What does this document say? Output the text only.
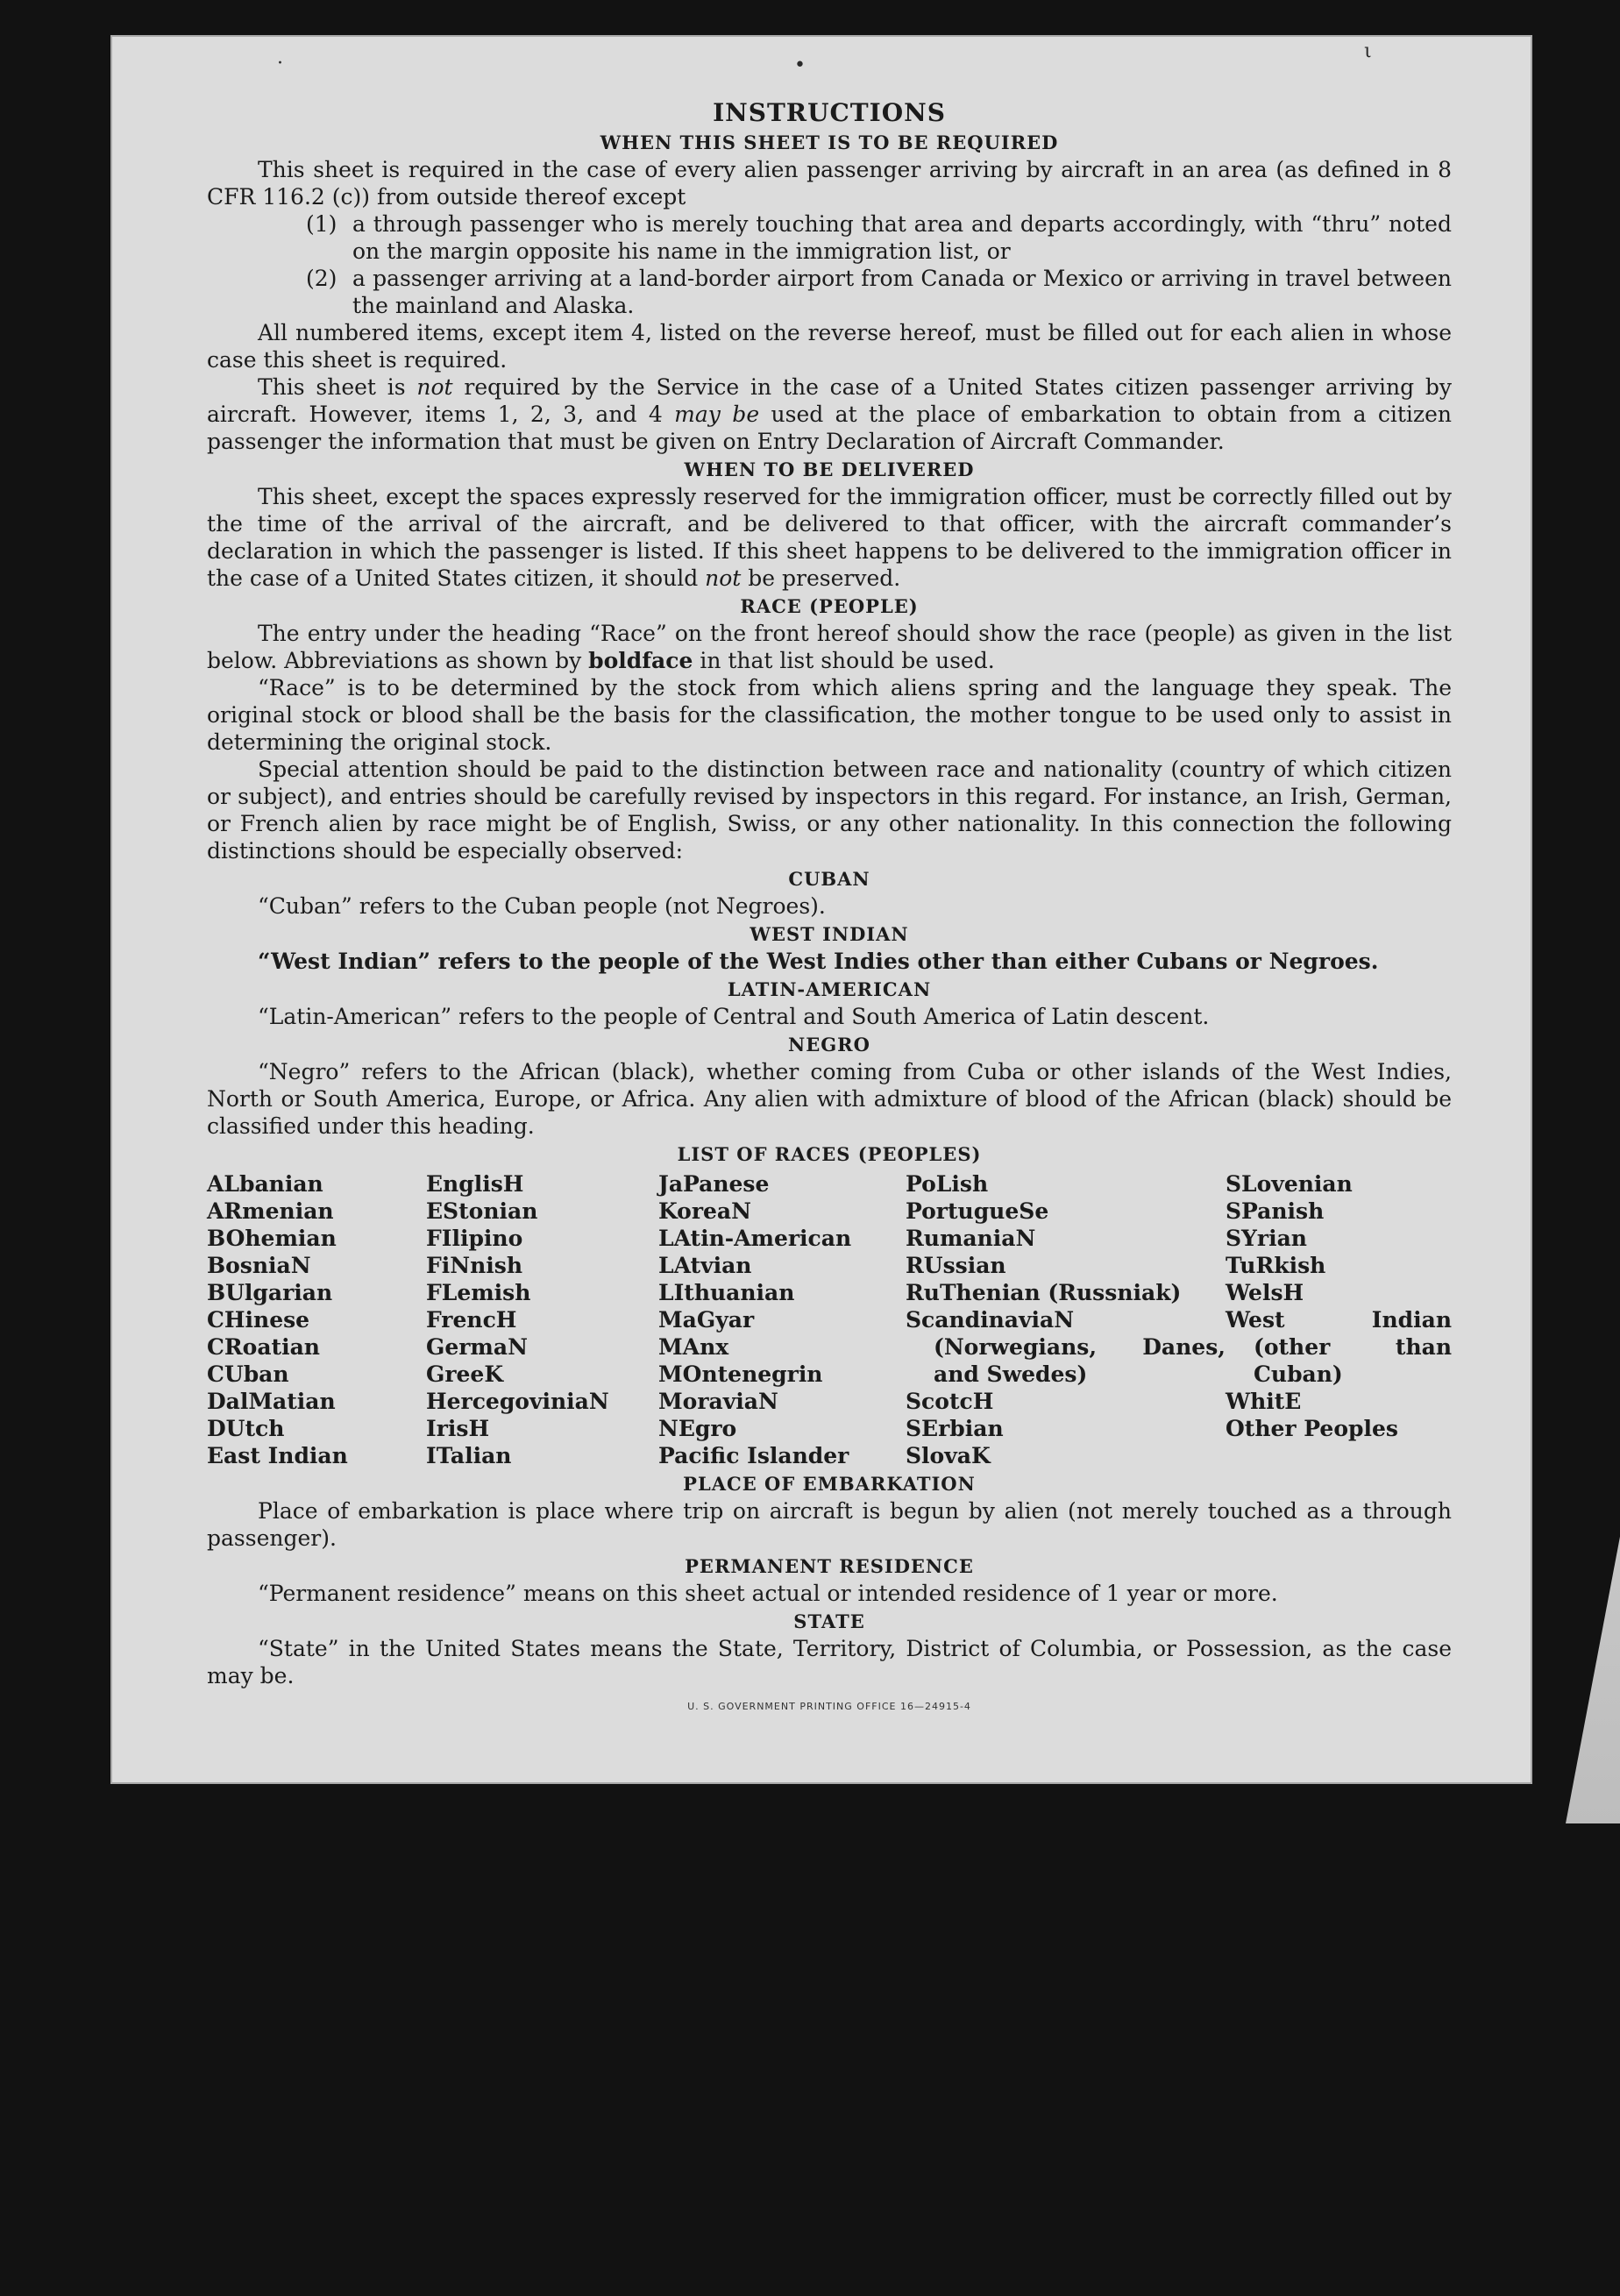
·	•
ι
INSTRUCTIONS
WHEN THIS SHEET IS TO BE REQUIRED

This sheet is required in the case of every alien passenger arriving by aircraft in an area (as defined in 8 CFR 116.2 (c)) from outside thereof except

(1) a through passenger who is merely touching that area and departs accordingly, with “thru” noted on the margin opposite his name in the immigration list, or
(2) a passenger arriving at a land-border airport from Canada or Mexico or arriving in travel between the mainland and Alaska.

All numbered items, except item 4, listed on the reverse hereof, must be filled out for each alien in whose case this sheet is required.

This sheet is not required by the Service in the case of a United States citizen passenger arriving by aircraft. However, items 1, 2, 3, and 4 may be used at the place of embarkation to obtain from a citizen passenger the information that must be given on Entry Declaration of Aircraft Commander.

WHEN TO BE DELIVERED

This sheet, except the spaces expressly reserved for the immigration officer, must be correctly filled out by the time of the arrival of the aircraft, and be delivered to that officer, with the aircraft commander’s declaration in which the passenger is listed. If this sheet happens to be delivered to the immigration officer in the case of a United States citizen, it should not be preserved.

RACE (PEOPLE)

The entry under the heading “Race” on the front hereof should show the race (people) as given in the list below. Abbreviations as shown by boldface in that list should be used.

“Race” is to be determined by the stock from which aliens spring and the language they speak. The original stock or blood shall be the basis for the classification, the mother tongue to be used only to assist in determining the original stock.

Special attention should be paid to the distinction between race and nationality (country of which citizen or subject), and entries should be carefully revised by inspectors in this regard. For instance, an Irish, German, or French alien by race might be of English, Swiss, or any other nationality. In this connection the following distinctions should be especially observed:

CUBAN

“Cuban” refers to the Cuban people (not Negroes).

WEST INDIAN

“West Indian” refers to the people of the West Indies other than either Cubans or Negroes.

LATIN-AMERICAN

“Latin-American” refers to the people of Central and South America of Latin descent.

NEGRO

“Negro” refers to the African (black), whether coming from Cuba or other islands of the West Indies, North or South America, Europe, or Africa. Any alien with admixture of blood of the African (black) should be classified under this heading.

LIST OF RACES (PEOPLES)
ALbanian
ARmenian
BOhemian
BosniaN
BUlgarian
CHinese
CRoatian
CUban
DalMatian
DUtch
East Indian
EnglisH
EStonian
FIlipino
FiNnish
FLemish
FrencH
GermaN
GreeK
HercegoviniaN
IrisH
ITalian
JaPanese
KoreaN
LAtin-American
LAtvian
LIthuanian
MaGyar
MAnx
MOntenegrin
MoraviaN
NEgro
Pacific Islander
PoLish
PortugueSe
RumaniaN
RUssian
RuThenian (Russniak)
ScandinaviaN (Norwegians, Danes, and Swedes)
ScotcH
SErbian
SlovaK
SLovenian
SPanish
SYrian
TuRkish
WelsH
West Indian (other than Cuban)
WhitE
Other Peoples
PLACE OF EMBARKATION

Place of embarkation is place where trip on aircraft is begun by alien (not merely touched as a through passenger).

PERMANENT RESIDENCE

“Permanent residence” means on this sheet actual or intended residence of 1 year or more.

STATE

“State” in the United States means the State, Territory, District of Columbia, or Possession, as the case may be.

U. S. GOVERNMENT PRINTING OFFICE 16—24915-4
